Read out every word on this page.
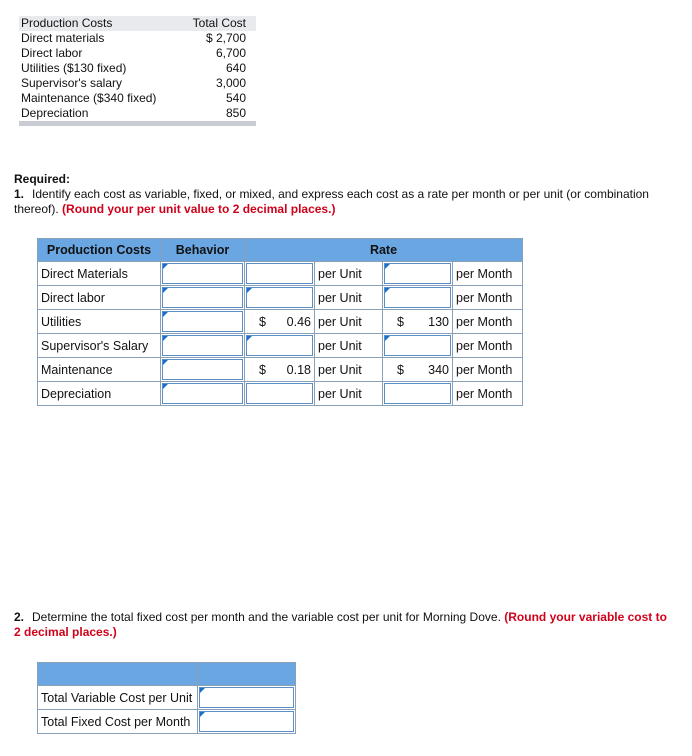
Production Costs	Total Cost
Direct materials	$ 2,700
Direct labor	6,700
Utilities ($130 fixed)	640
Supervisor's salary	3,000
Maintenance ($340 fixed)	540
Depreciation	850
Required:
1. Identify each cost as variable, fixed, or mixed, and express each cost as a rate per month or per unit (or combination thereof). (Round your per unit value to 2 decimal places.)
Production Costs	Behavior	Rate			
Direct Materials			per Unit		per Month
Direct labor			per Unit		per Month
Utilities		$ 0.46	per Unit	$ 130	per Month
Supervisor's Salary			per Unit		per Month
Maintenance		$ 0.18	per Unit	$ 340	per Month
Depreciation			per Unit		per Month
2. Determine the total fixed cost per month and the variable cost per unit for Morning Dove. (Round your variable cost to 2 decimal places.)

Total Variable Cost per Unit	

Total Fixed Cost per Month	
